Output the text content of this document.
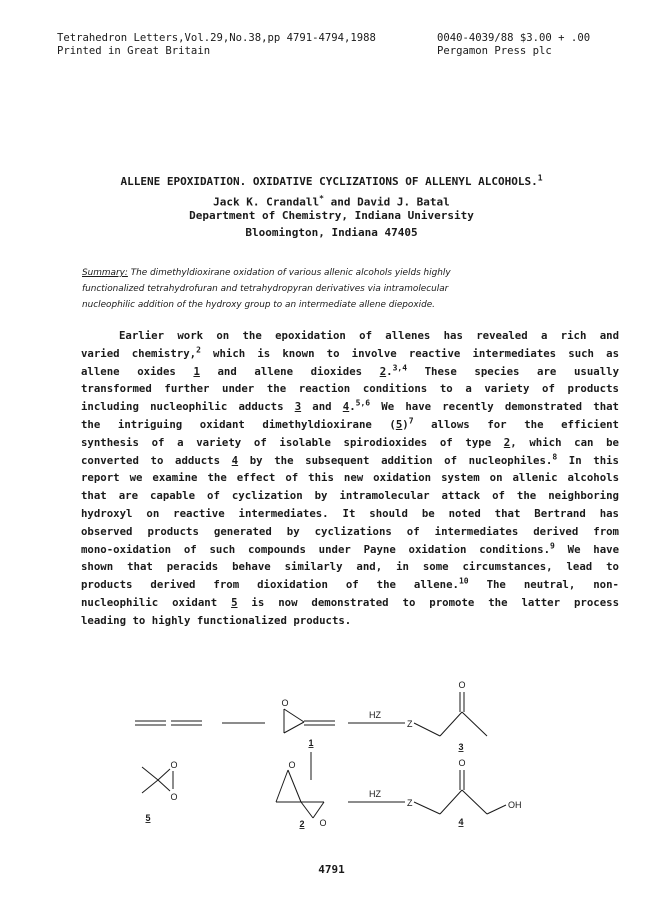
Tetrahedron Letters,Vol.29,No.38,pp 4791-4794,1988
Printed in Great Britain
0040-4039/88 $3.00 + .00
Pergamon Press plc
ALLENE EPOXIDATION. OXIDATIVE CYCLIZATIONS OF ALLENYL ALCOHOLS.$^1$
Jack K. Crandall* and David J. Batal
Department of Chemistry, Indiana University
Bloomington, Indiana 47405
Summary: The dimethyldioxirane oxidation of various allenic alcohols yields highly
functionalized tetrahydrofuran and tetrahydropyran derivatives via intramolecular
nucleophilic addition of the hydroxy group to an intermediate allene diepoxide.
Earlier work on the epoxidation of allenes has revealed a rich and
varied chemistry,$^2$ which is known to involve reactive intermediates such as
allene oxides 1 and allene dioxides 2.$^{3,4}$ These species are usually
transformed further under the reaction conditions to a variety of products
including nucleophilic adducts 3 and 4.$^{5,6}$ We have recently demonstrated that
the intriguing oxidant dimethyldioxirane $(5)^7$ allows for the efficient
synthesis of a variety of isolable spirodioxides of type 2, which can be
converted to adducts 4 by the subsequent addition of nucleophiles.$^8$ In this
report we examine the effect of this new oxidation system on allenic alcohols
that are capable of cyclization by intramolecular attack of the neighboring
hydroxyl on reactive intermediates. It should be noted that Bertrand has
observed products generated by cyclizations of intermediates derived from
mono-oxidation of such compounds under Payne oxidation conditions.$^9$ We have
shown that peracids behave similarly and, in some circumstances, lead to
products derived from dioxidation of the allene.$^{10}$ The neutral, non-
nucleophilic oxidant 5 is now demonstrated to promote the latter process
leading to highly functionalized products.
O
1
HZ
Z
O
3
O
O
5
O
O
2
HZ
Z
O
OH
4
4791
